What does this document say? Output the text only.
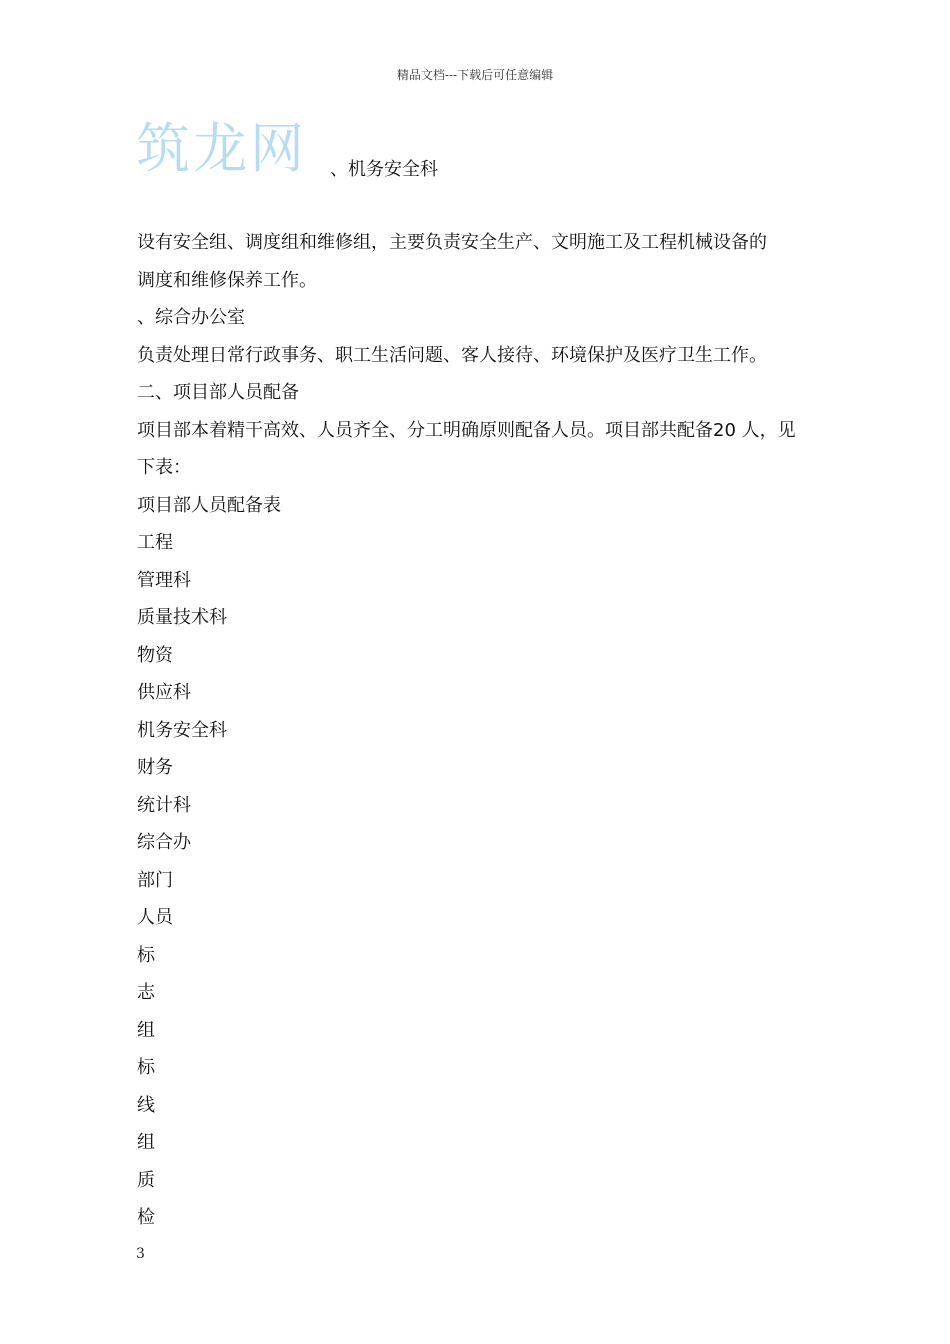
精品文档---下载后可任意编辑
筑龙网 、机务安全科
设有安全组、调度组和维修组，主要负责安全生产、文明施工及工程机械设备的
调度和维修保养工作。
、综合办公室
负责处理日常行政事务、职工生活问题、客人接待、环境保护及医疗卫生工作。
二、项目部人员配备
项目部本着精干高效、人员齐全、分工明确原则配备人员。项目部共配备20 人，见
下表：
项目部人员配备表
工程
管理科
质量技术科
物资
供应科
机务安全科
财务
统计科
综合办
部门
人员
标
志
组
标
线
组
质
检
3
